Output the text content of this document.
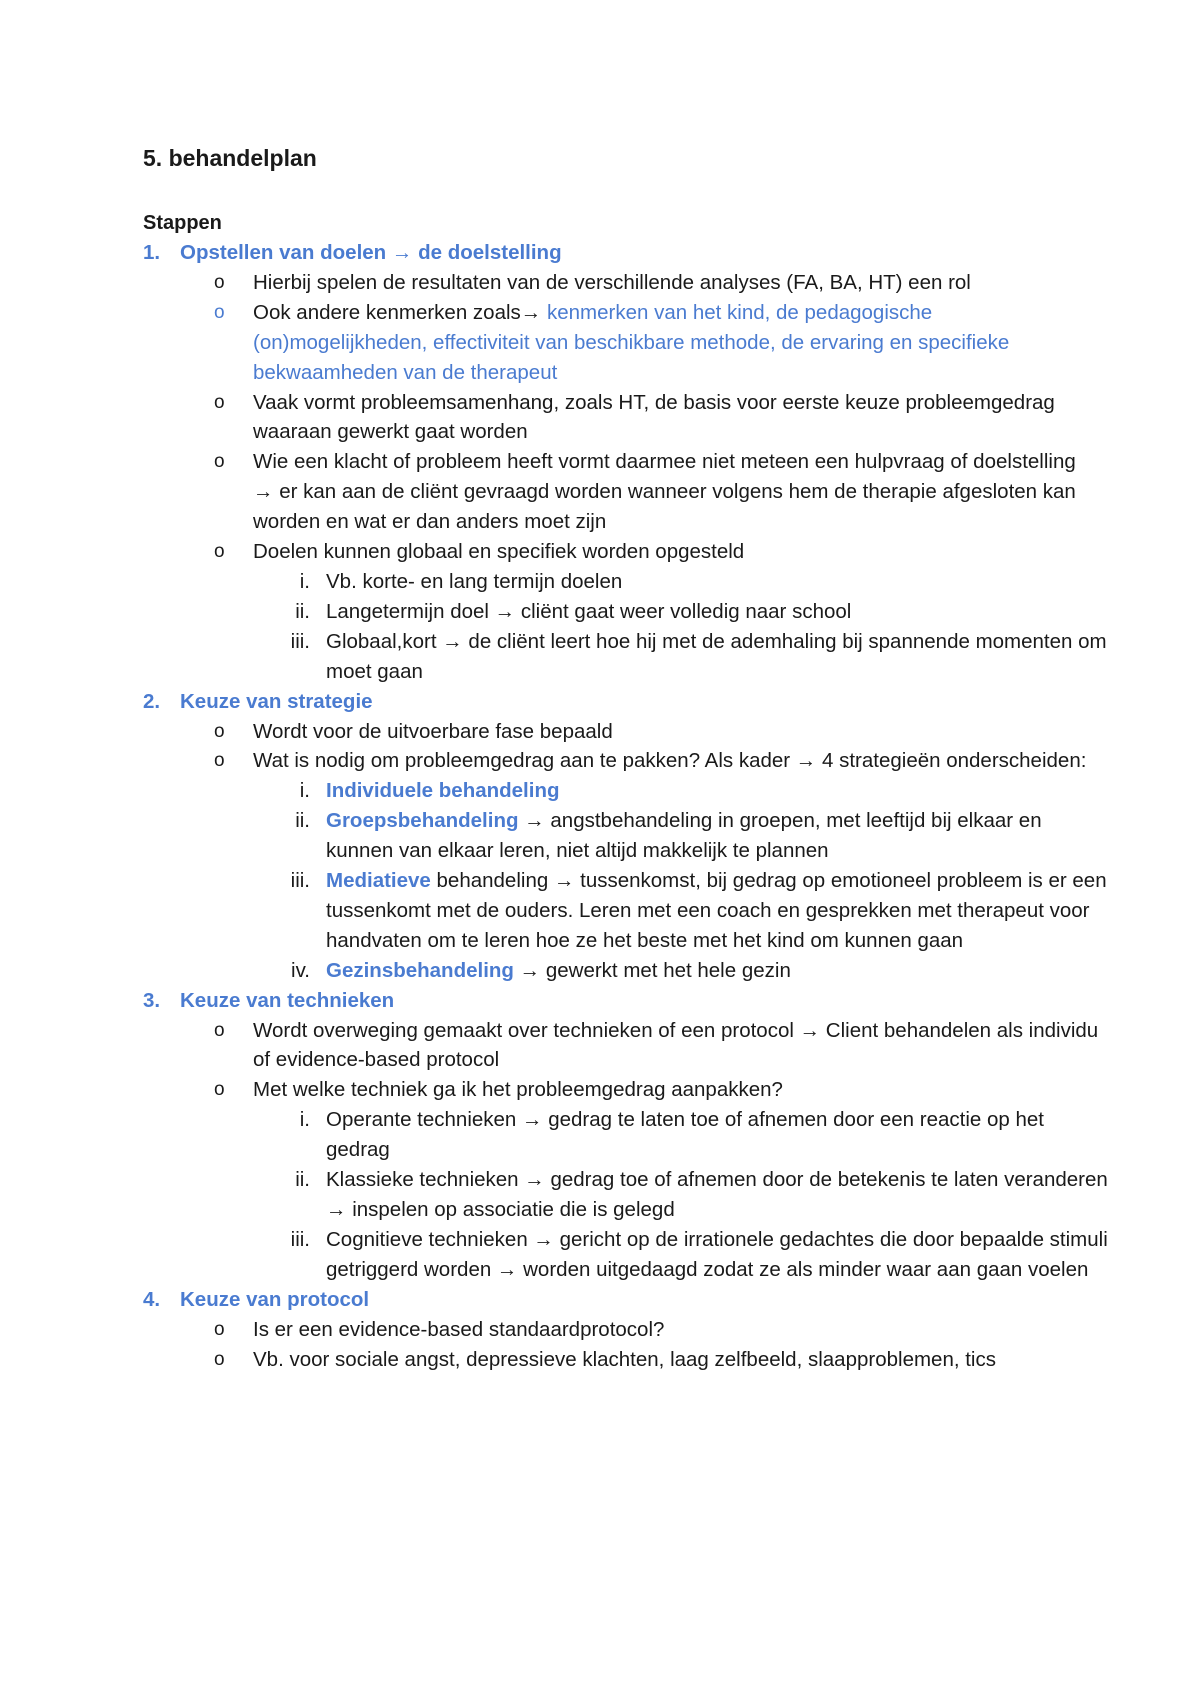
5. behandelplan
Stappen
1. Opstellen van doelen → de doelstelling
o Hierbij spelen de resultaten van de verschillende analyses (FA, BA, HT) een rol
o Ook andere kenmerken zoals→ kenmerken van het kind, de pedagogische (on)mogelijkheden, effectiviteit van beschikbare methode, de ervaring en specifieke bekwaamheden van de therapeut
o Vaak vormt probleemsamenhang, zoals HT, de basis voor eerste keuze probleemgedrag waaraan gewerkt gaat worden
o Wie een klacht of probleem heeft vormt daarmee niet meteen een hulpvraag of doelstelling → er kan aan de cliënt gevraagd worden wanneer volgens hem de therapie afgesloten kan worden en wat er dan anders moet zijn
o Doelen kunnen globaal en specifiek worden opgesteld
i. Vb. korte- en lang termijn doelen
ii. Langetermijn doel → cliënt gaat weer volledig naar school
iii. Globaal,kort → de cliënt leert hoe hij met de ademhaling bij spannende momenten om moet gaan
2. Keuze van strategie
o Wordt voor de uitvoerbare fase bepaald
o Wat is nodig om probleemgedrag aan te pakken? Als kader → 4 strategieën onderscheiden:
i. Individuele behandeling
ii. Groepsbehandeling → angstbehandeling in groepen, met leeftijd bij elkaar en kunnen van elkaar leren, niet altijd makkelijk te plannen
iii. Mediatieve behandeling → tussenkomst, bij gedrag op emotioneel probleem is er een tussenkomt met de ouders. Leren met een coach en gesprekken met therapeut voor handvaten om te leren hoe ze het beste met het kind om kunnen gaan
iv. Gezinsbehandeling → gewerkt met het hele gezin
3. Keuze van technieken
o Wordt overweging gemaakt over technieken of een protocol → Client behandelen als individu of evidence-based protocol
o Met welke techniek ga ik het probleemgedrag aanpakken?
i. Operante technieken → gedrag te laten toe of afnemen door een reactie op het gedrag
ii. Klassieke technieken → gedrag toe of afnemen door de betekenis te laten veranderen → inspelen op associatie die is gelegd
iii. Cognitieve technieken → gericht op de irrationele gedachtes die door bepaalde stimuli getriggerd worden → worden uitgedaagd zodat ze als minder waar aan gaan voelen
4. Keuze van protocol
o Is er een evidence-based standaardprotocol?
o Vb. voor sociale angst, depressieve klachten, laag zelfbeeld, slaapproblemen, tics
